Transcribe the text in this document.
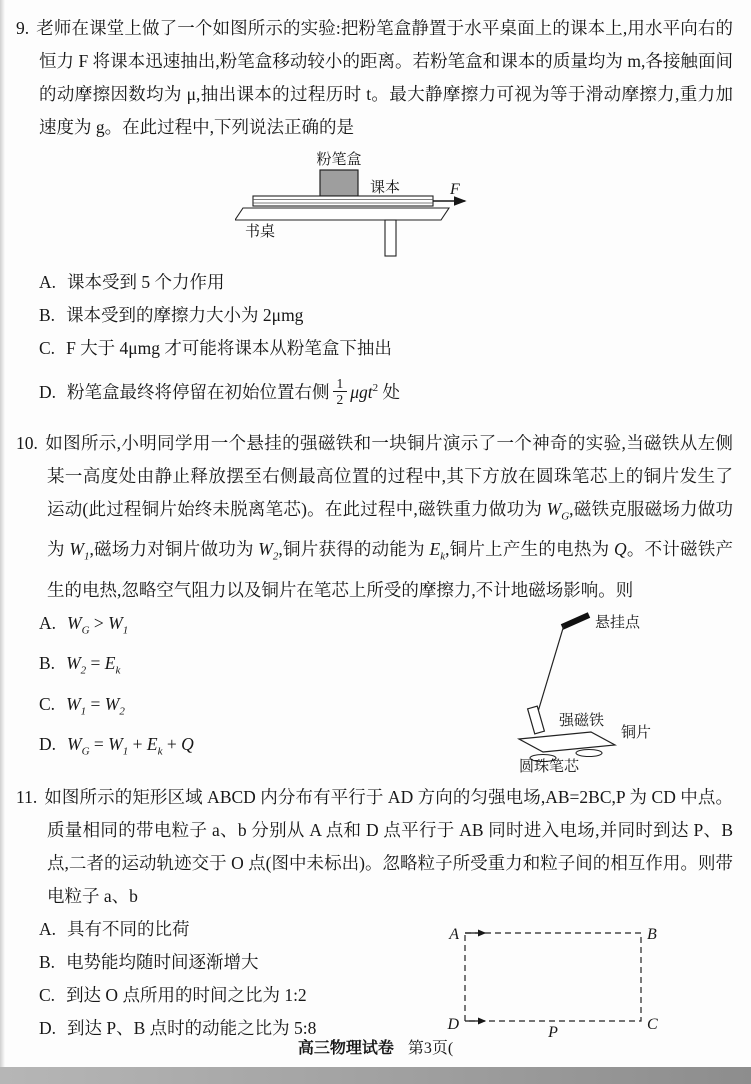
9. 老师在课堂上做了一个如图所示的实验:把粉笔盒静置于水平桌面上的课本上,用水平向右的恒力 F 将课本迅速抽出,粉笔盒移动较小的距离。若粉笔盒和课本的质量均为 m,各接触面间的动摩擦因数均为 μ,抽出课本的过程历时 t。最大静摩擦力可视为等于滑动摩擦力,重力加速度为 g。在此过程中,下列说法正确的是

粉笔盒
课本	F
书桌
A. 课本受到 5 个力作用
B. 课本受到的摩擦力大小为 2μmg
C. F 大于 4μmg 才可能将课本从粉笔盒下抽出
D. 粉笔盒最终将停留在初始位置右侧 $\frac{1}{2} \mu gt^2$ 处

10. 如图所示,小明同学用一个悬挂的强磁铁和一块铜片演示了一个神奇的实验,当磁铁从左侧某一高度处由静止释放摆至右侧最高位置的过程中,其下方放在圆珠笔芯上的铜片发生了运动(此过程铜片始终未脱离笔芯)。在此过程中,磁铁重力做功为 $W_G$,磁铁克服磁场力做功为 $W_1$,磁场力对铜片做功为 $W_2$,铜片获得的动能为 $E_k$,铜片上产生的电热为 Q。不计磁铁产生的电热,忽略空气阻力以及铜片在笔芯上所受的摩擦力,不计地磁场影响。则

A. $W_G > W_1$
B. $W_2 = E_k$
C. $W_1 = W_2$
D. $W_G = W_1 + E_k + Q$
悬挂点
强磁铁
铜片
圆珠笔芯

11. 如图所示的矩形区域 ABCD 内分布有平行于 AD 方向的匀强电场,AB=2BC,P 为 CD 中点。质量相同的带电粒子 a、b 分别从 A 点和 D 点平行于 AB 同时进入电场,并同时到达 P、B 点,二者的运动轨迹交于 O 点(图中未标出)。忽略粒子所受重力和粒子间的相互作用。则带电粒子 a、b

A. 具有不同的比荷
B. 电势能均随时间逐渐增大
C. 到达 O 点所用的时间之比为 1:2
D. 到达 P、B 点时的动能之比为 5:8
A	B
D	C
P
高三物理试卷 第3页(
